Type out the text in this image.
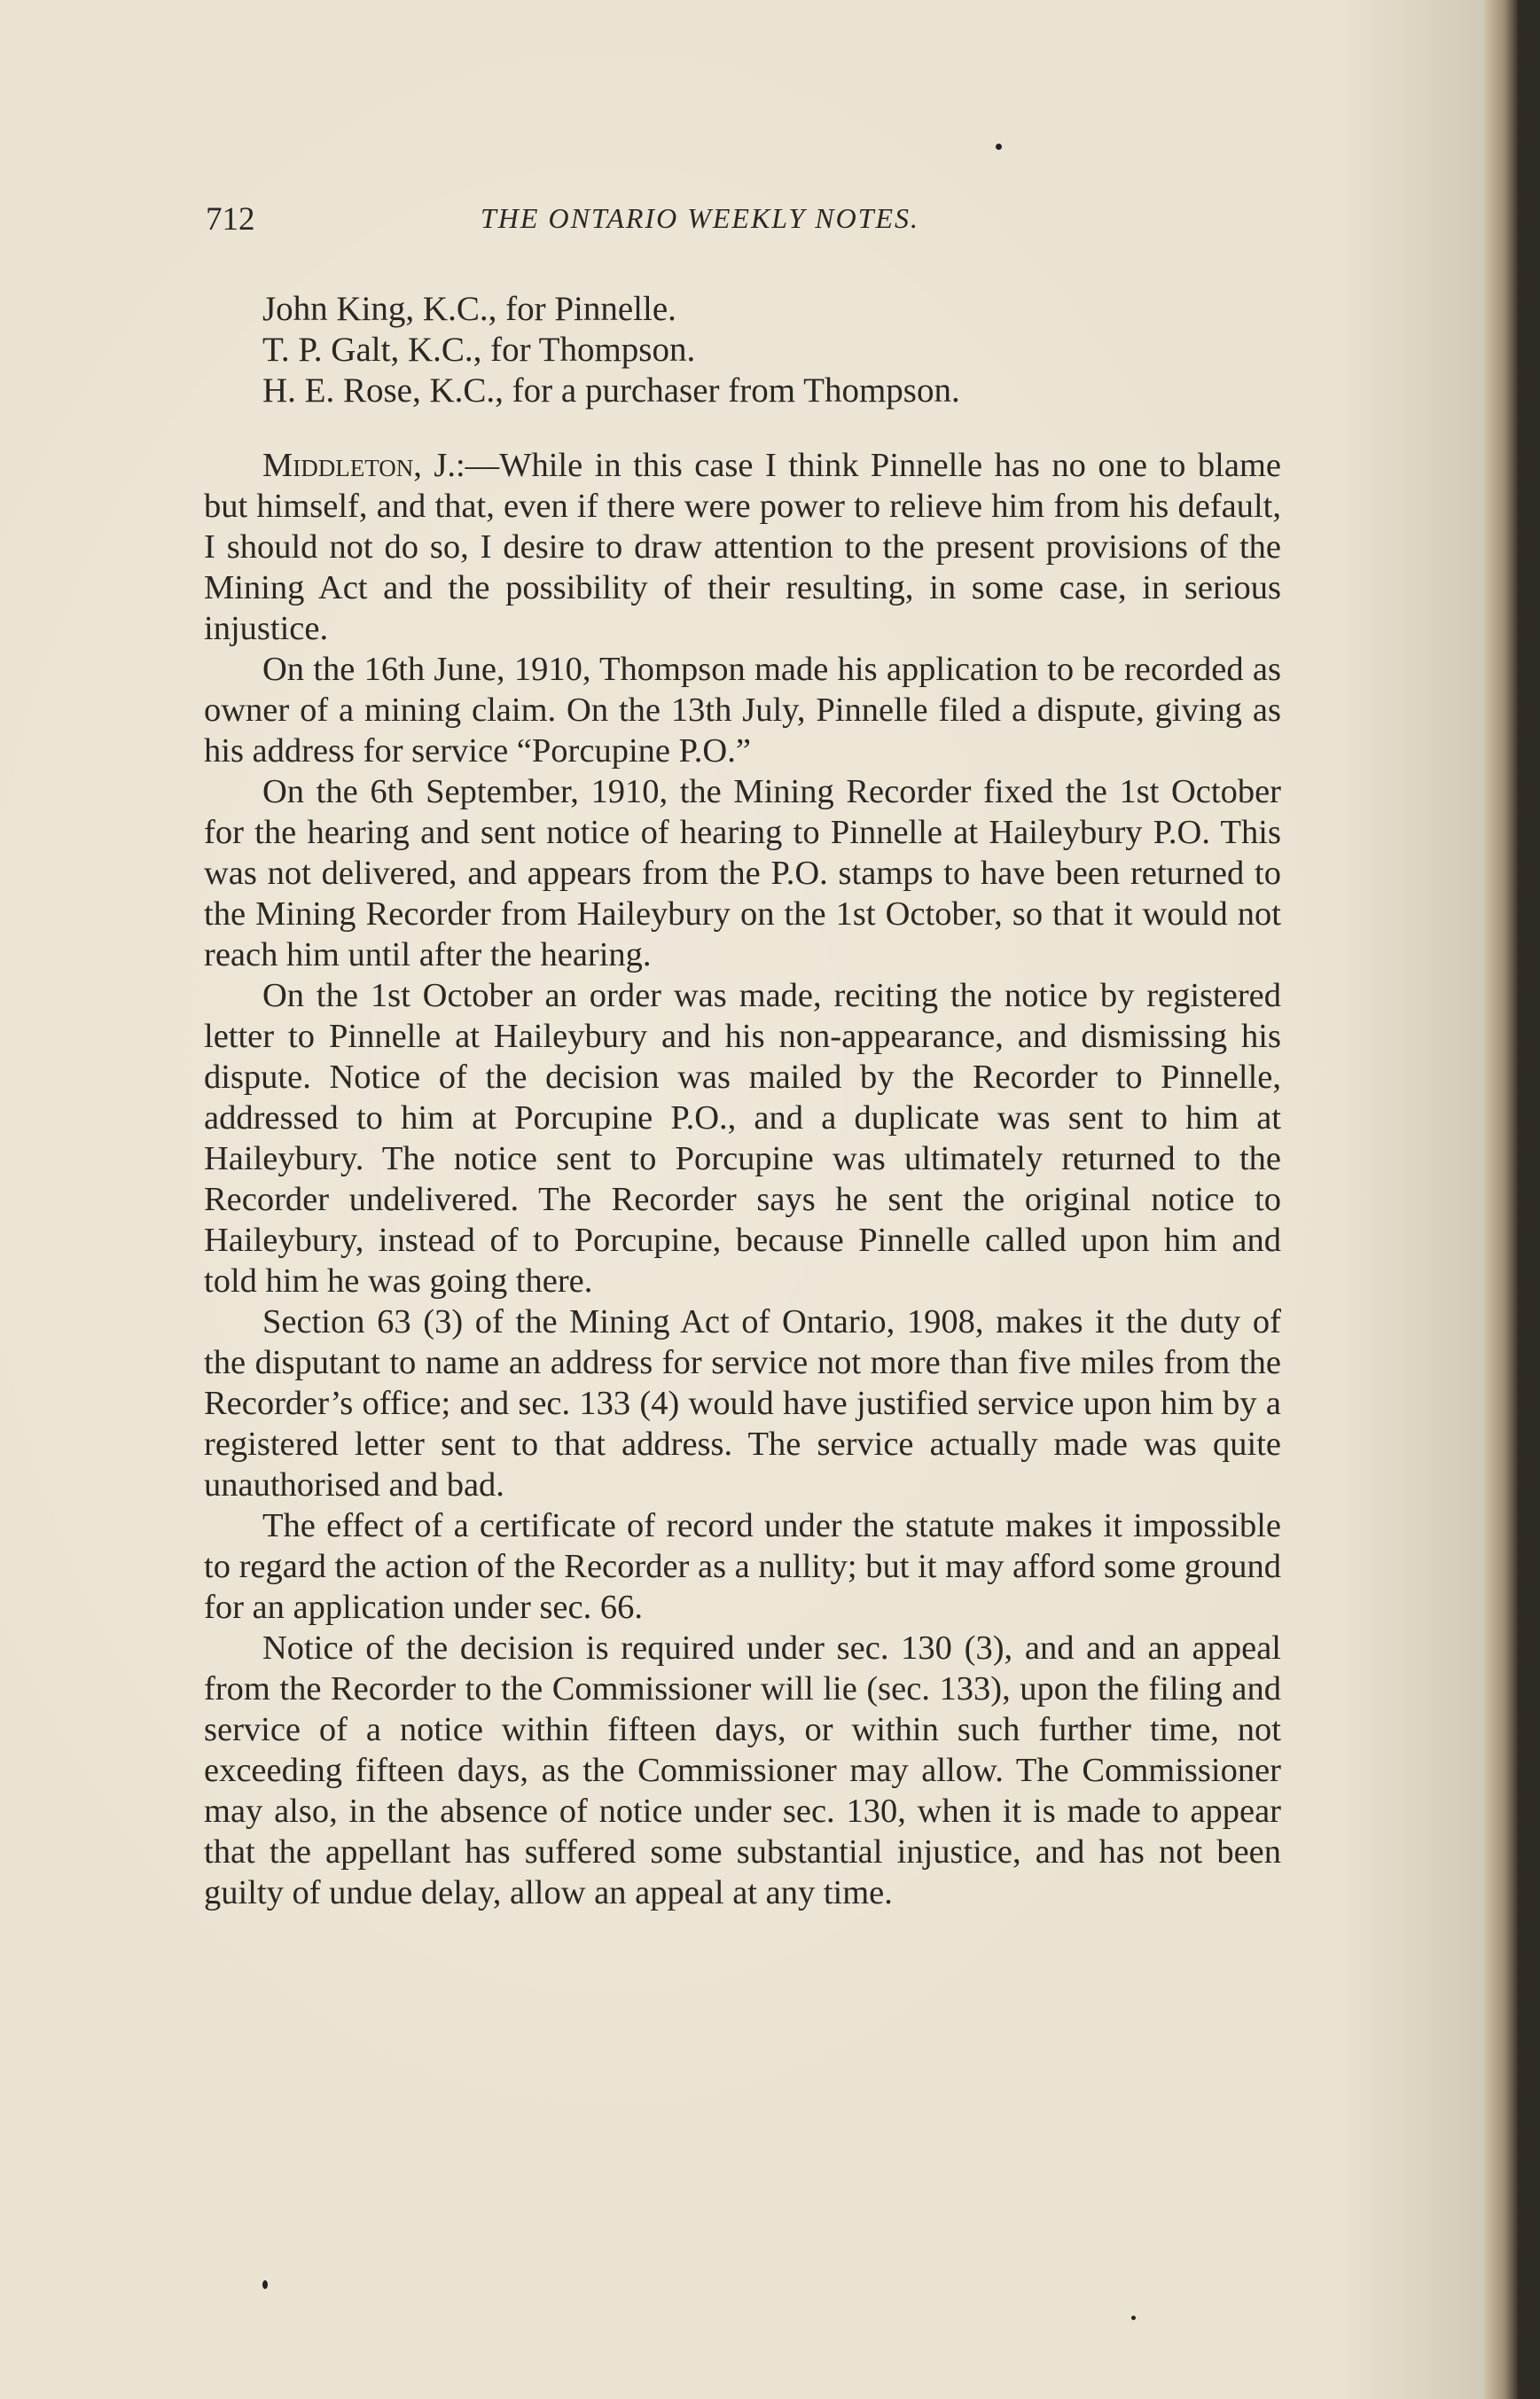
712	THE ONTARIO WEEKLY NOTES.
John King, K.C., for Pinnelle.
T. P. Galt, K.C., for Thompson.
H. E. Rose, K.C., for a purchaser from Thompson.

Middleton, J.:—While in this case I think Pinnelle has no one to blame but himself, and that, even if there were power to relieve him from his default, I should not do so, I desire to draw attention to the present provisions of the Mining Act and the possibility of their resulting, in some case, in serious injustice.

On the 16th June, 1910, Thompson made his application to be recorded as owner of a mining claim. On the 13th July, Pinnelle filed a dispute, giving as his address for service “Porcupine P.O.”

On the 6th September, 1910, the Mining Recorder fixed the 1st October for the hearing and sent notice of hearing to Pinnelle at Haileybury P.O. This was not delivered, and appears from the P.O. stamps to have been returned to the Mining Recorder from Haileybury on the 1st October, so that it would not reach him until after the hearing.

On the 1st October an order was made, reciting the notice by registered letter to Pinnelle at Haileybury and his non-appearance, and dismissing his dispute. Notice of the decision was mailed by the Recorder to Pinnelle, addressed to him at Porcupine P.O., and a duplicate was sent to him at Haileybury. The notice sent to Porcupine was ultimately returned to the Recorder undelivered. The Recorder says he sent the original notice to Haileybury, instead of to Porcupine, because Pinnelle called upon him and told him he was going there.

Section 63 (3) of the Mining Act of Ontario, 1908, makes it the duty of the disputant to name an address for service not more than five miles from the Recorder’s office; and sec. 133 (4) would have justified service upon him by a registered letter sent to that address. The service actually made was quite unauthorised and bad.

The effect of a certificate of record under the statute makes it impossible to regard the action of the Recorder as a nullity; but it may afford some ground for an application under sec. 66.

Notice of the decision is required under sec. 130 (3), and and an appeal from the Recorder to the Commissioner will lie (sec. 133), upon the filing and service of a notice within fifteen days, or within such further time, not exceeding fifteen days, as the Commissioner may allow. The Commissioner may also, in the absence of notice under sec. 130, when it is made to appear that the appellant has suffered some substantial injustice, and has not been guilty of undue delay, allow an appeal at any time.
